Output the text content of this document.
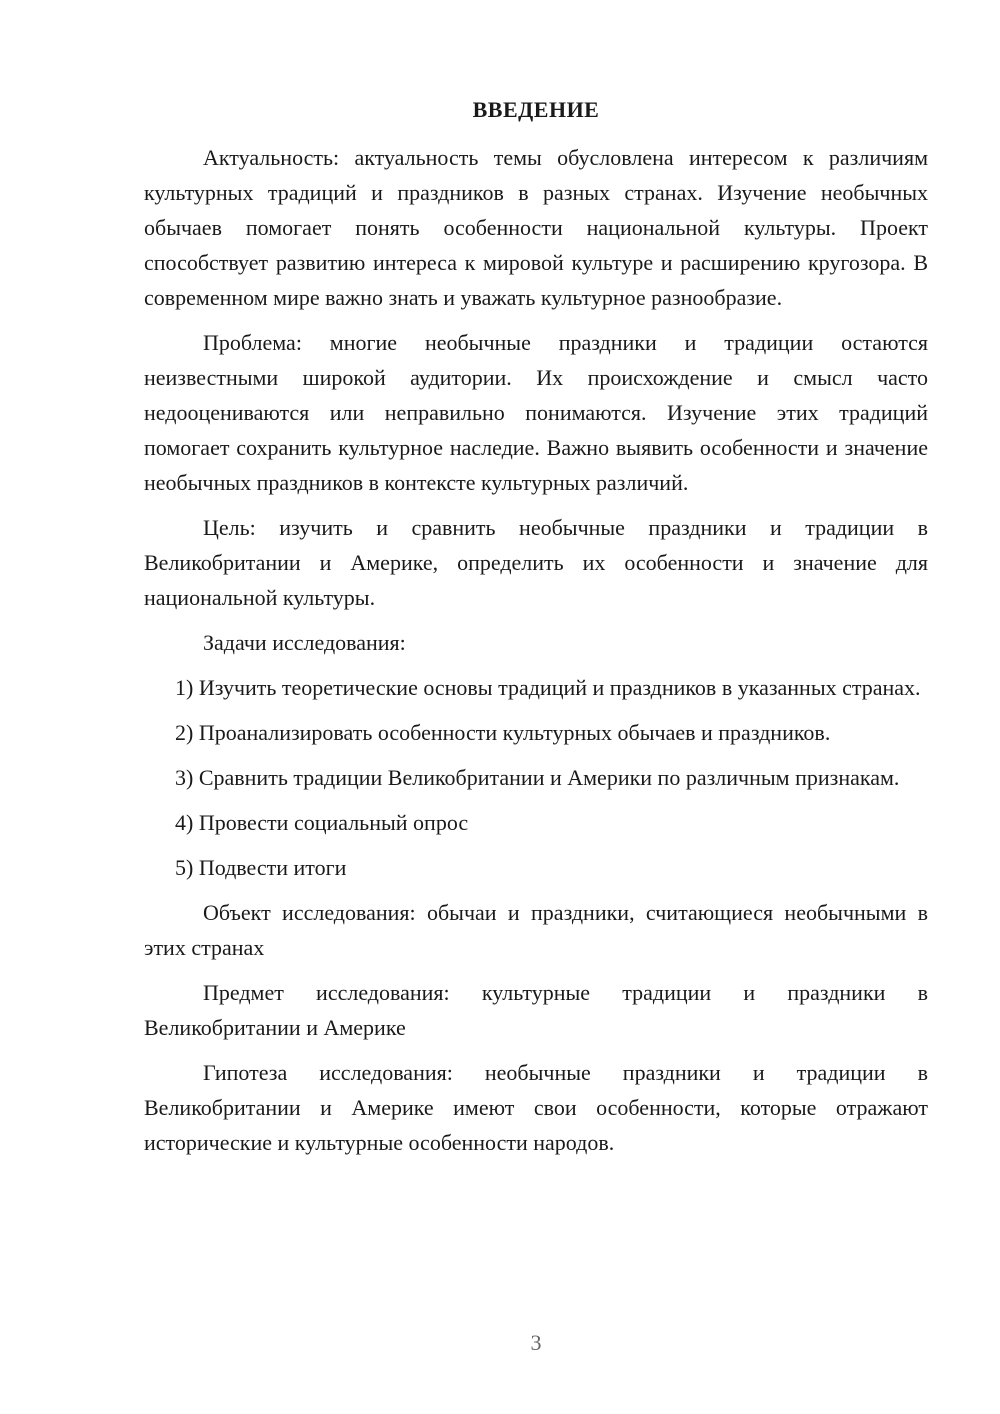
ВВЕДЕНИЕ

Актуальность: актуальность темы обусловлена интересом к различиям культурных традиций и праздников в разных странах. Изучение необычных обычаев помогает понять особенности национальной культуры. Проект способствует развитию интереса к мировой культуре и расширению кругозора. В современном мире важно знать и уважать культурное разнообразие.

Проблема: многие необычные праздники и традиции остаются неизвестными широкой аудитории. Их происхождение и смысл часто недооцениваются или неправильно понимаются. Изучение этих традиций помогает сохранить культурное наследие. Важно выявить особенности и значение необычных праздников в контексте культурных различий.

Цель: изучить и сравнить необычные праздники и традиции в Великобритании и Америке, определить их особенности и значение для национальной культуры.

Задачи исследования:

1) Изучить теоретические основы традиций и праздников в указанных странах.

2) Проанализировать особенности культурных обычаев и праздников.

3) Сравнить традиции Великобритании и Америки по различным признакам.

4) Провести социальный опрос

5) Подвести итоги

Объект исследования: обычаи и праздники, считающиеся необычными в этих странах

Предмет исследования: культурные традиции и праздники в Великобритании и Америке

Гипотеза исследования: необычные праздники и традиции в Великобритании и Америке имеют свои особенности, которые отражают исторические и культурные особенности народов.

3
